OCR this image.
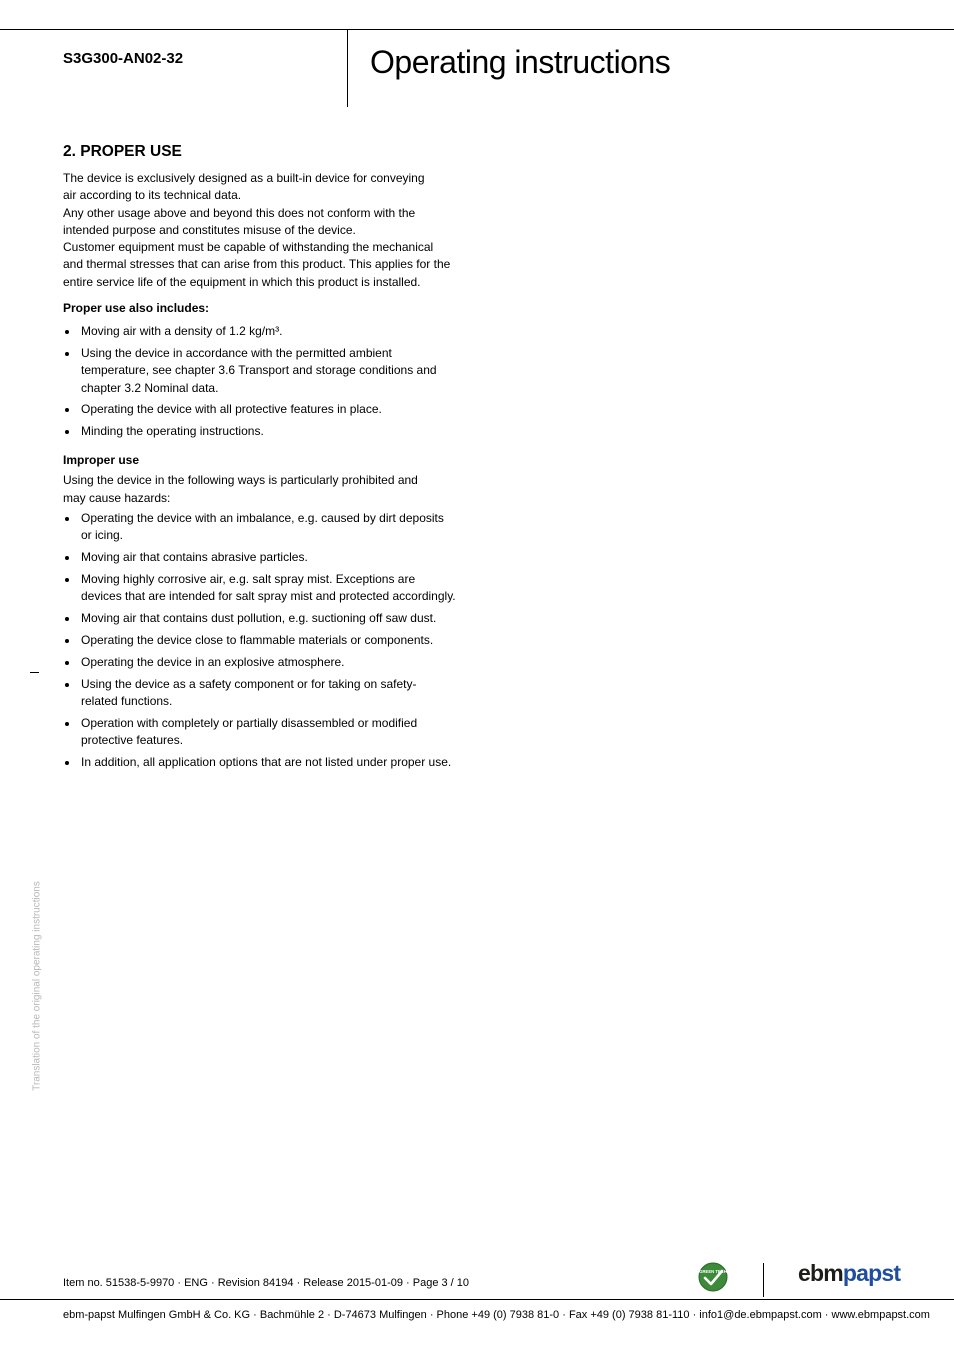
S3G300-AN02-32	Operating instructions
2. PROPER USE

The device is exclusively designed as a built-in device for conveying
air according to its technical data.
Any other usage above and beyond this does not conform with the
intended purpose and constitutes misuse of the device.
Customer equipment must be capable of withstanding the mechanical
and thermal stresses that can arise from this product. This applies for the
entire service life of the equipment in which this product is installed.

Proper use also includes:
Moving air with a density of 1.2 kg/m³.
Using the device in accordance with the permitted ambient
temperature, see chapter 3.6 Transport and storage conditions and
chapter 3.2 Nominal data.
Operating the device with all protective features in place.
Minding the operating instructions.
Improper use

Using the device in the following ways is particularly prohibited and
may cause hazards:

Operating the device with an imbalance, e.g. caused by dirt deposits
or icing.
Moving air that contains abrasive particles.
Moving highly corrosive air, e.g. salt spray mist. Exceptions are
devices that are intended for salt spray mist and protected accordingly.
Moving air that contains dust pollution, e.g. suctioning off saw dust.
Operating the device close to flammable materials or components.
Operating the device in an explosive atmosphere.
Using the device as a safety component or for taking on safety-
related functions.
Operation with completely or partially disassembled or modified
protective features.
In addition, all application options that are not listed under proper use.
Translation of the original operating instructions
Item no. 51538-5-9970 · ENG · Revision 84194 · Release 2015-01-09 · Page 3 / 10
GREEN TECH	ebmpapst
ebm-papst Mulfingen GmbH & Co. KG · Bachmühle 2 · D-74673 Mulfingen · Phone +49 (0) 7938 81-0 · Fax +49 (0) 7938 81-110 · info1@de.ebmpapst.com · www.ebmpapst.com
